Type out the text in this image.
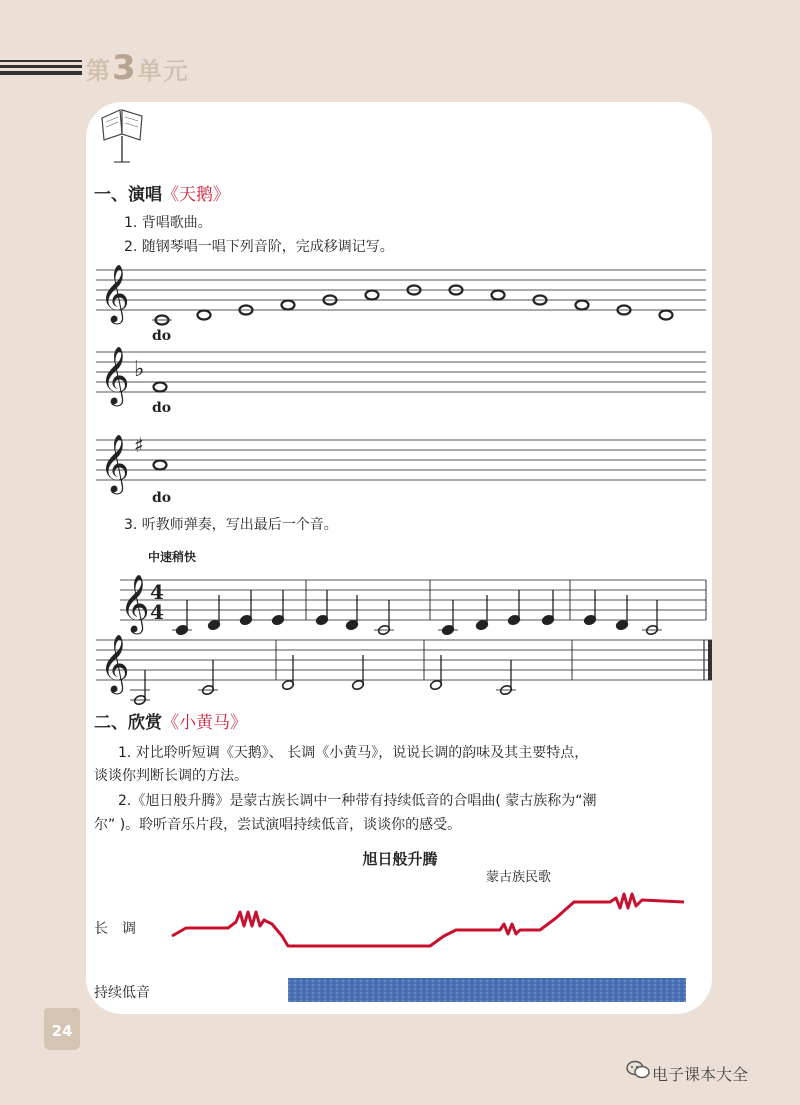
第3单元
一、演唱《天鹅》
1. 背唱歌曲。
2. 随钢琴唱一唱下列音阶，完成移调记写。
do
do
do
3. 听教师弹奏，写出最后一个音。
中速稍快
𝄞
𝄞 ♭
𝄞 ♯
𝄞 4
4
𝄞
二、欣赏《小黄马》
1. 对比聆听短调《天鹅》、 长调《小黄马》，说说长调的韵味及其主要特点，
谈谈你判断长调的方法。
2.《旭日般升腾》是蒙古族长调中一种带有持续低音的合唱曲( 蒙古族称为“潮
尔” )。聆听音乐片段，尝试演唱持续低音，谈谈你的感受。
旭日般升腾
蒙古族民歌
长　调
持续低音
24
电子课本大全
